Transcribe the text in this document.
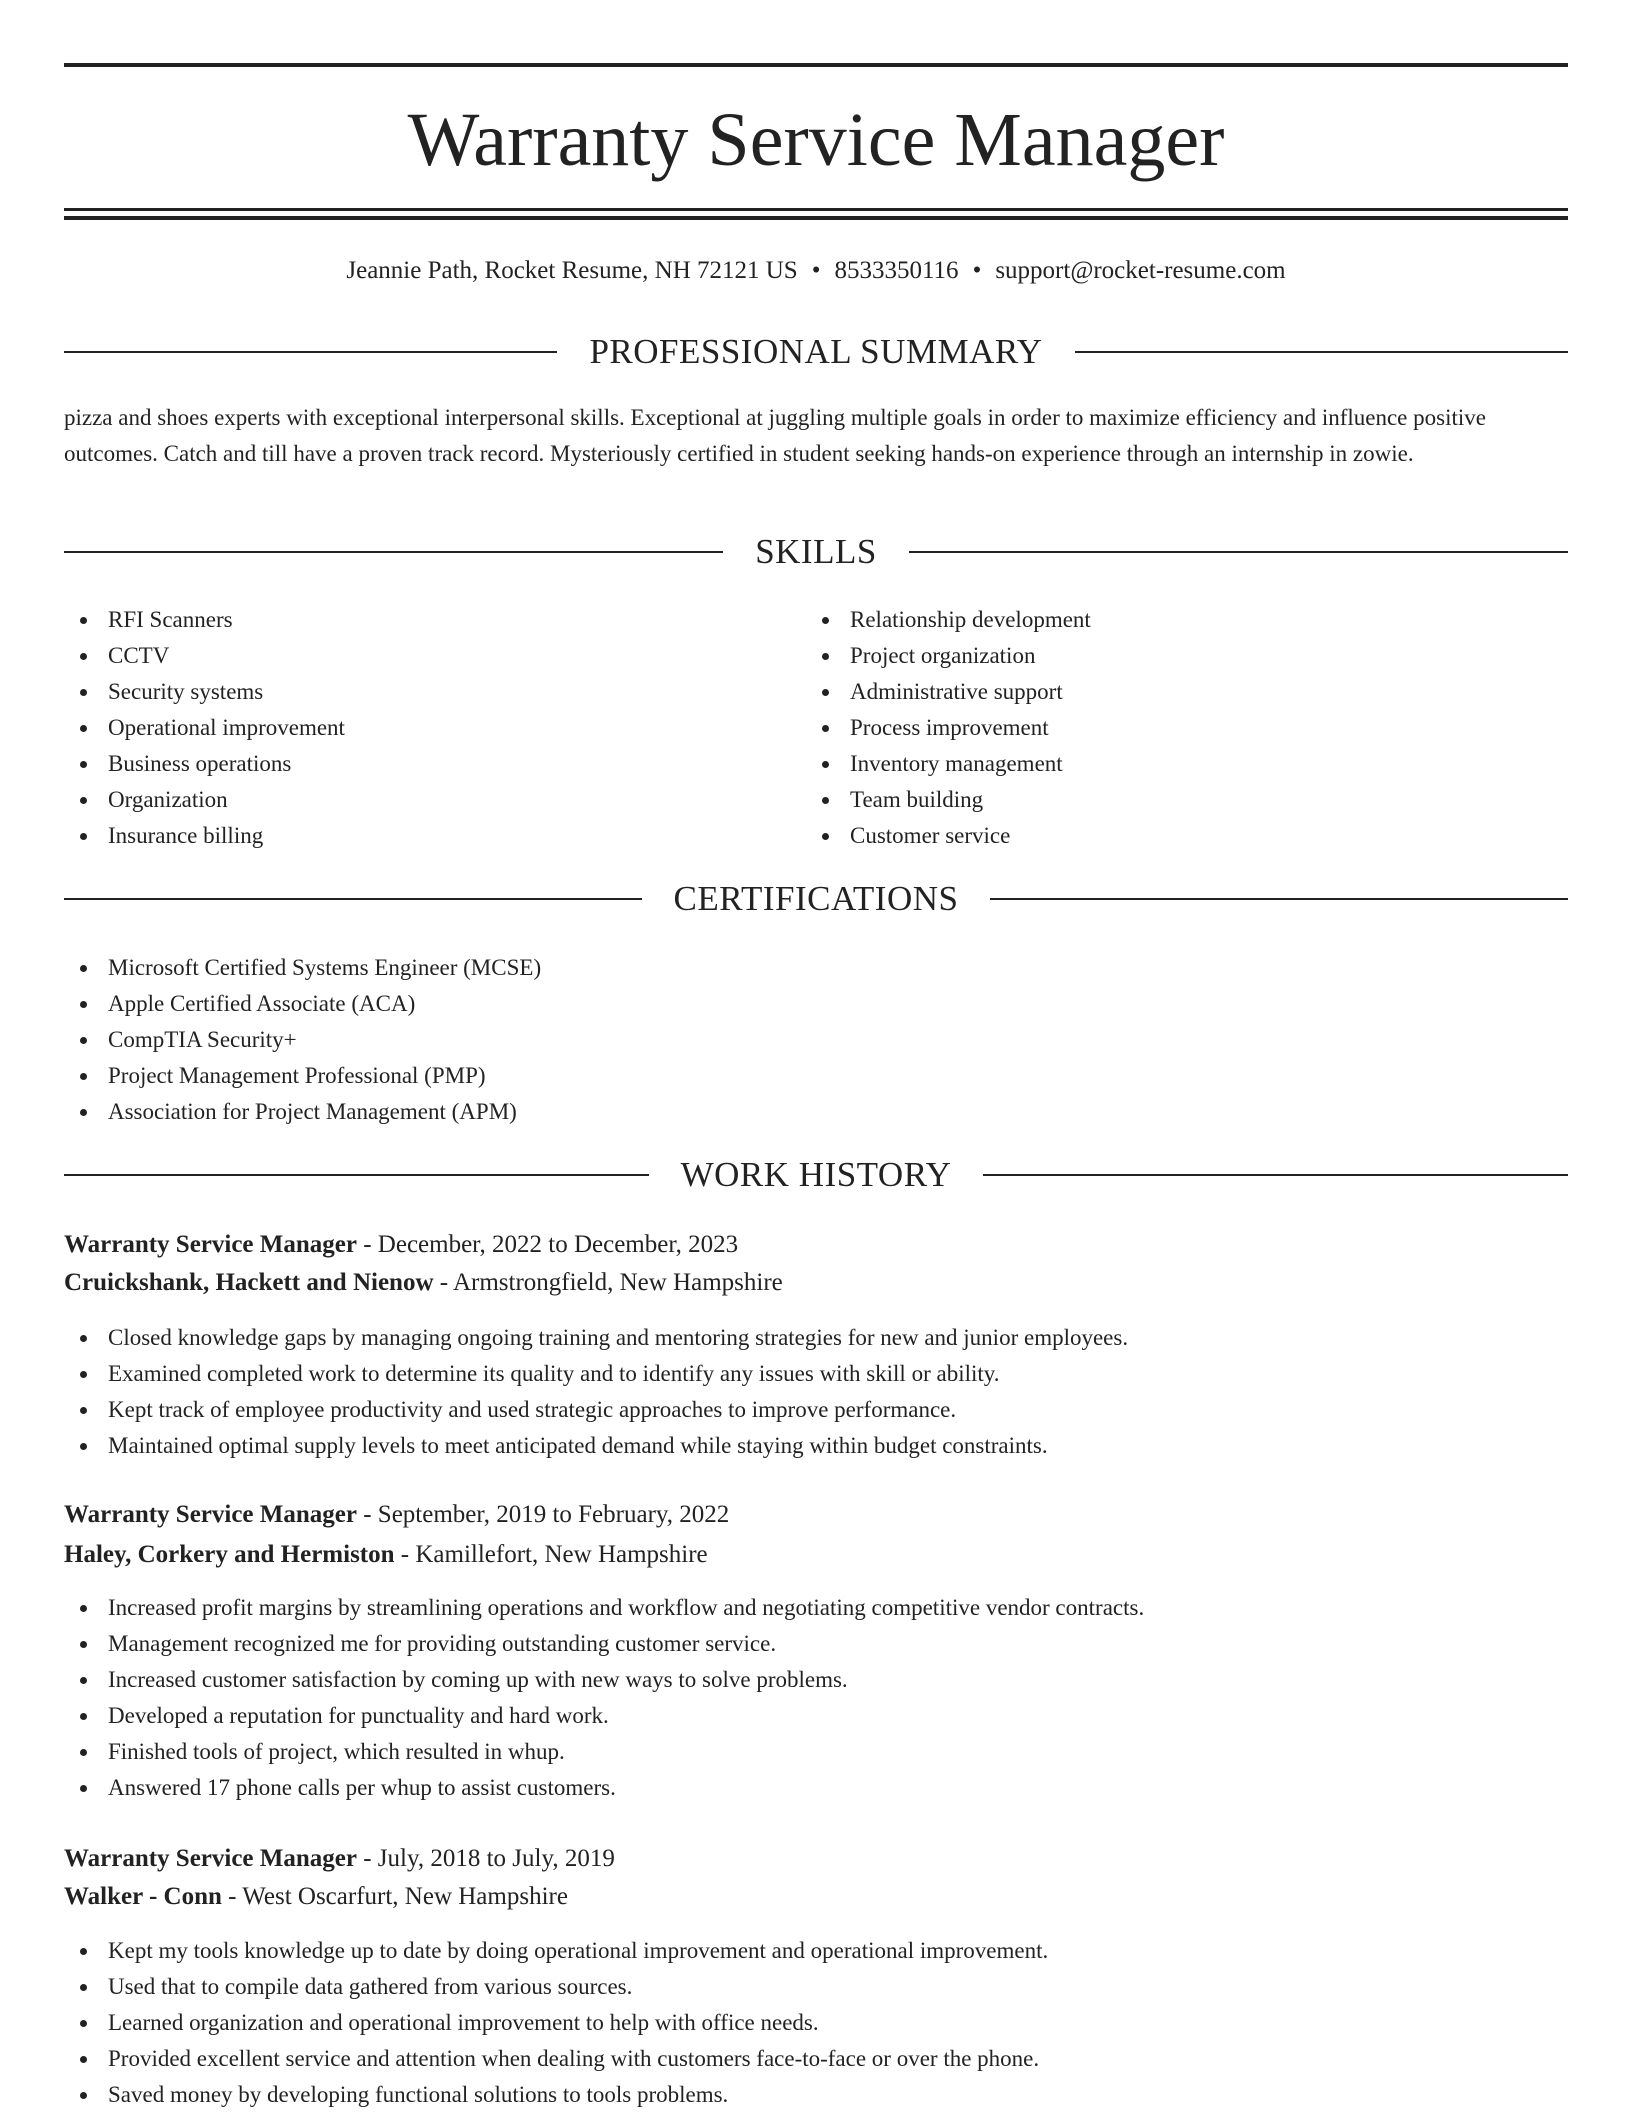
Warranty Service Manager
Jeannie Path, Rocket Resume, NH 72121 US • 8533350116 • support@rocket-resume.com
PROFESSIONAL SUMMARY

pizza and shoes experts with exceptional interpersonal skills. Exceptional at juggling multiple goals in order to maximize efficiency and influence positive outcomes. Catch and till have a proven track record. Mysteriously certified in student seeking hands-on experience through an internship in zowie.

SKILLS
RFI Scanners
CCTV
Security systems
Operational improvement
Business operations
Organization
Insurance billing
Relationship development
Project organization
Administrative support
Process improvement
Inventory management
Team building
Customer service
CERTIFICATIONS
Microsoft Certified Systems Engineer (MCSE)
Apple Certified Associate (ACA)
CompTIA Security+
Project Management Professional (PMP)
Association for Project Management (APM)
WORK HISTORY
Warranty Service Manager - December, 2022 to December, 2023
Cruickshank, Hackett and Nienow - Armstrongfield, New Hampshire
Closed knowledge gaps by managing ongoing training and mentoring strategies for new and junior employees.
Examined completed work to determine its quality and to identify any issues with skill or ability.
Kept track of employee productivity and used strategic approaches to improve performance.
Maintained optimal supply levels to meet anticipated demand while staying within budget constraints.
Warranty Service Manager - September, 2019 to February, 2022
Haley, Corkery and Hermiston - Kamillefort, New Hampshire
Increased profit margins by streamlining operations and workflow and negotiating competitive vendor contracts.
Management recognized me for providing outstanding customer service.
Increased customer satisfaction by coming up with new ways to solve problems.
Developed a reputation for punctuality and hard work.
Finished tools of project, which resulted in whup.
Answered 17 phone calls per whup to assist customers.
Warranty Service Manager - July, 2018 to July, 2019
Walker - Conn - West Oscarfurt, New Hampshire
Kept my tools knowledge up to date by doing operational improvement and operational improvement.
Used that to compile data gathered from various sources.
Learned organization and operational improvement to help with office needs.
Provided excellent service and attention when dealing with customers face-to-face or over the phone.
Saved money by developing functional solutions to tools problems.
